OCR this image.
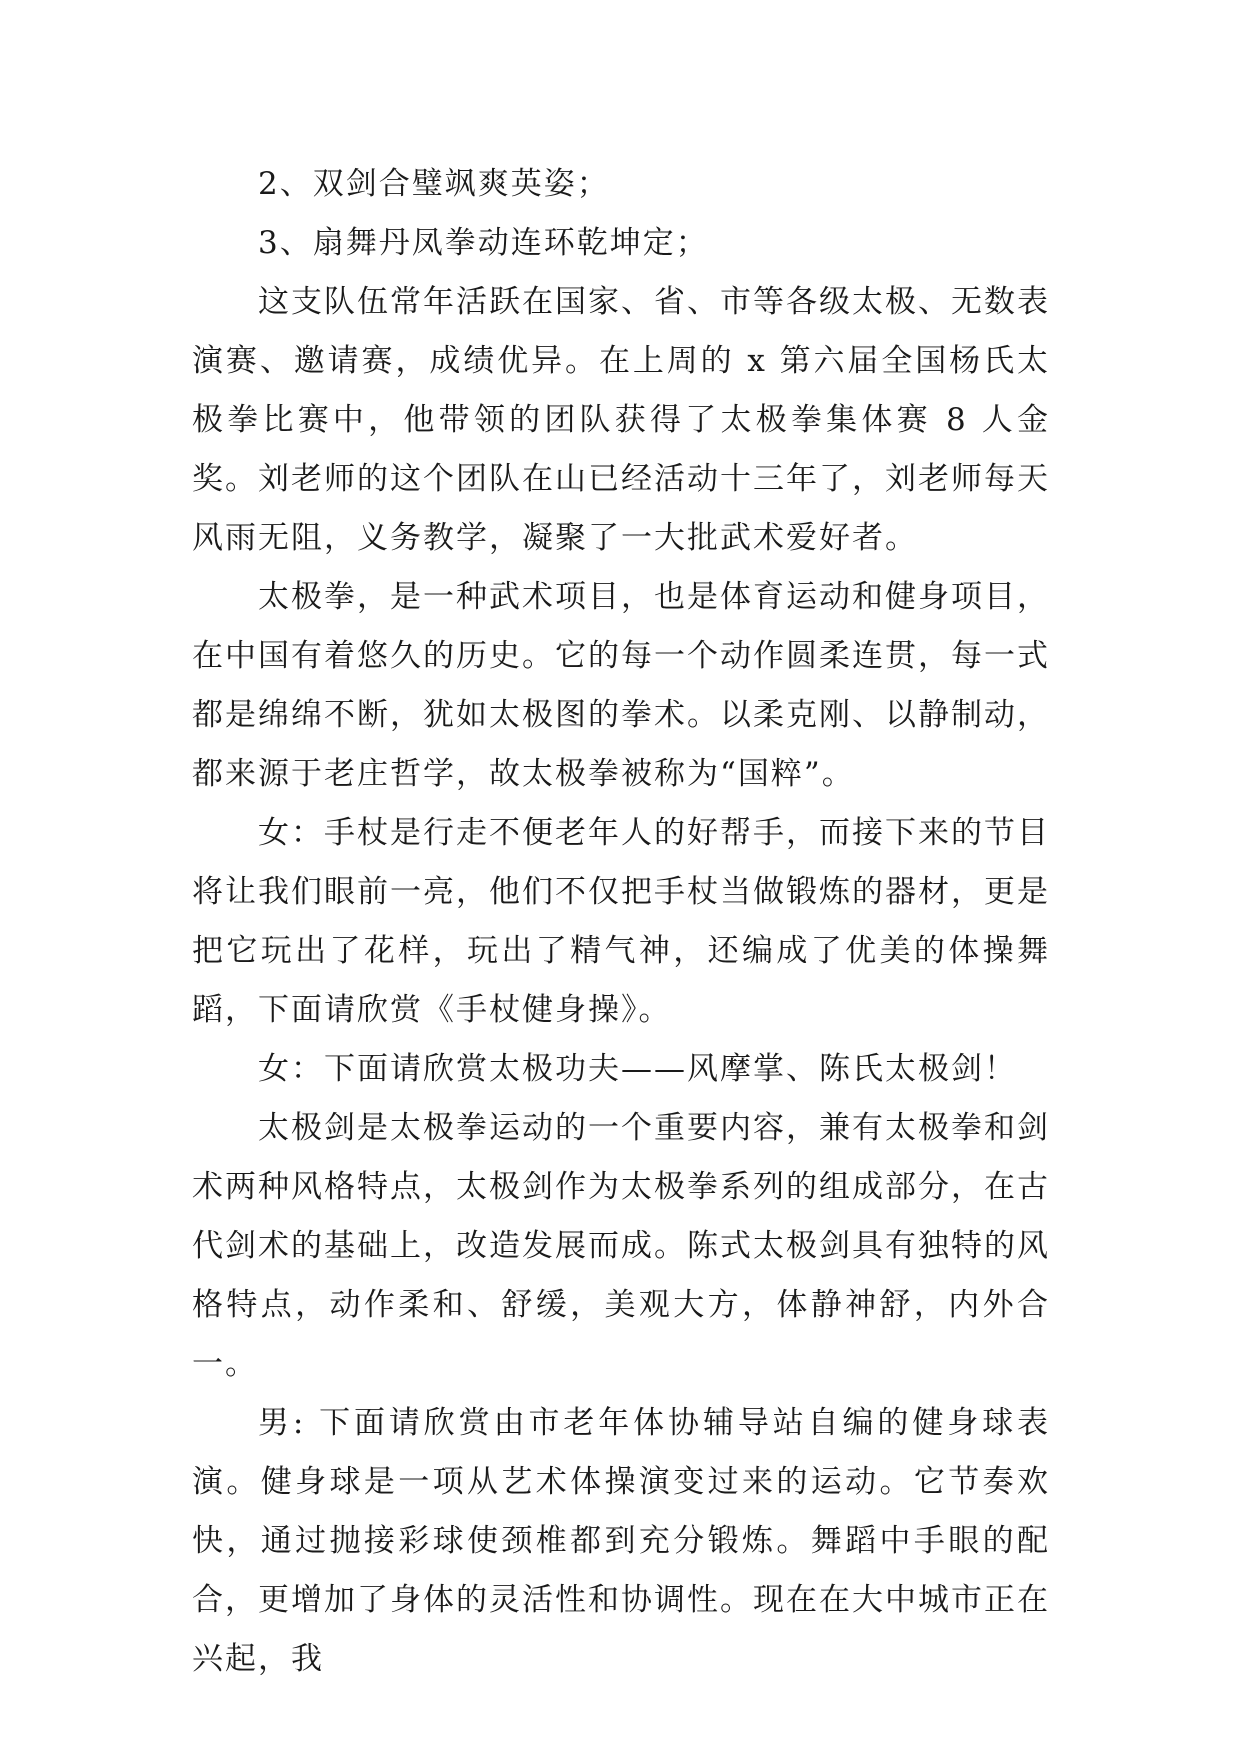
2、双剑合璧飒爽英姿；

3、扇舞丹凤拳动连环乾坤定；

这支队伍常年活跃在国家、省、市等各级太极、无数表演赛、邀请赛，成绩优异。在上周的 x 第六届全国杨氏太极拳比赛中，他带领的团队获得了太极拳集体赛 8 人金奖。刘老师的这个团队在山已经活动十三年了，刘老师每天风雨无阻，义务教学，凝聚了一大批武术爱好者。

太极拳，是一种武术项目，也是体育运动和健身项目，在中国有着悠久的历史。它的每一个动作圆柔连贯，每一式都是绵绵不断，犹如太极图的拳术。以柔克刚、以静制动，都来源于老庄哲学，故太极拳被称为“国粹”。

女：手杖是行走不便老年人的好帮手，而接下来的节目将让我们眼前一亮，他们不仅把手杖当做锻炼的器材，更是把它玩出了花样，玩出了精气神，还编成了优美的体操舞蹈，下面请欣赏《手杖健身操》。

女：下面请欣赏太极功夫——风摩掌、陈氏太极剑！

太极剑是太极拳运动的一个重要内容，兼有太极拳和剑术两种风格特点，太极剑作为太极拳系列的组成部分，在古代剑术的基础上，改造发展而成。陈式太极剑具有独特的风格特点，动作柔和、舒缓，美观大方，体静神舒，内外合一。

男: 下面请欣赏由市老年体协辅导站自编的健身球表演。健身球是一项从艺术体操演变过来的运动。它节奏欢快，通过抛接彩球使颈椎都到充分锻炼。舞蹈中手眼的配合，更增加了身体的灵活性和协调性。现在在大中城市正在兴起，我
